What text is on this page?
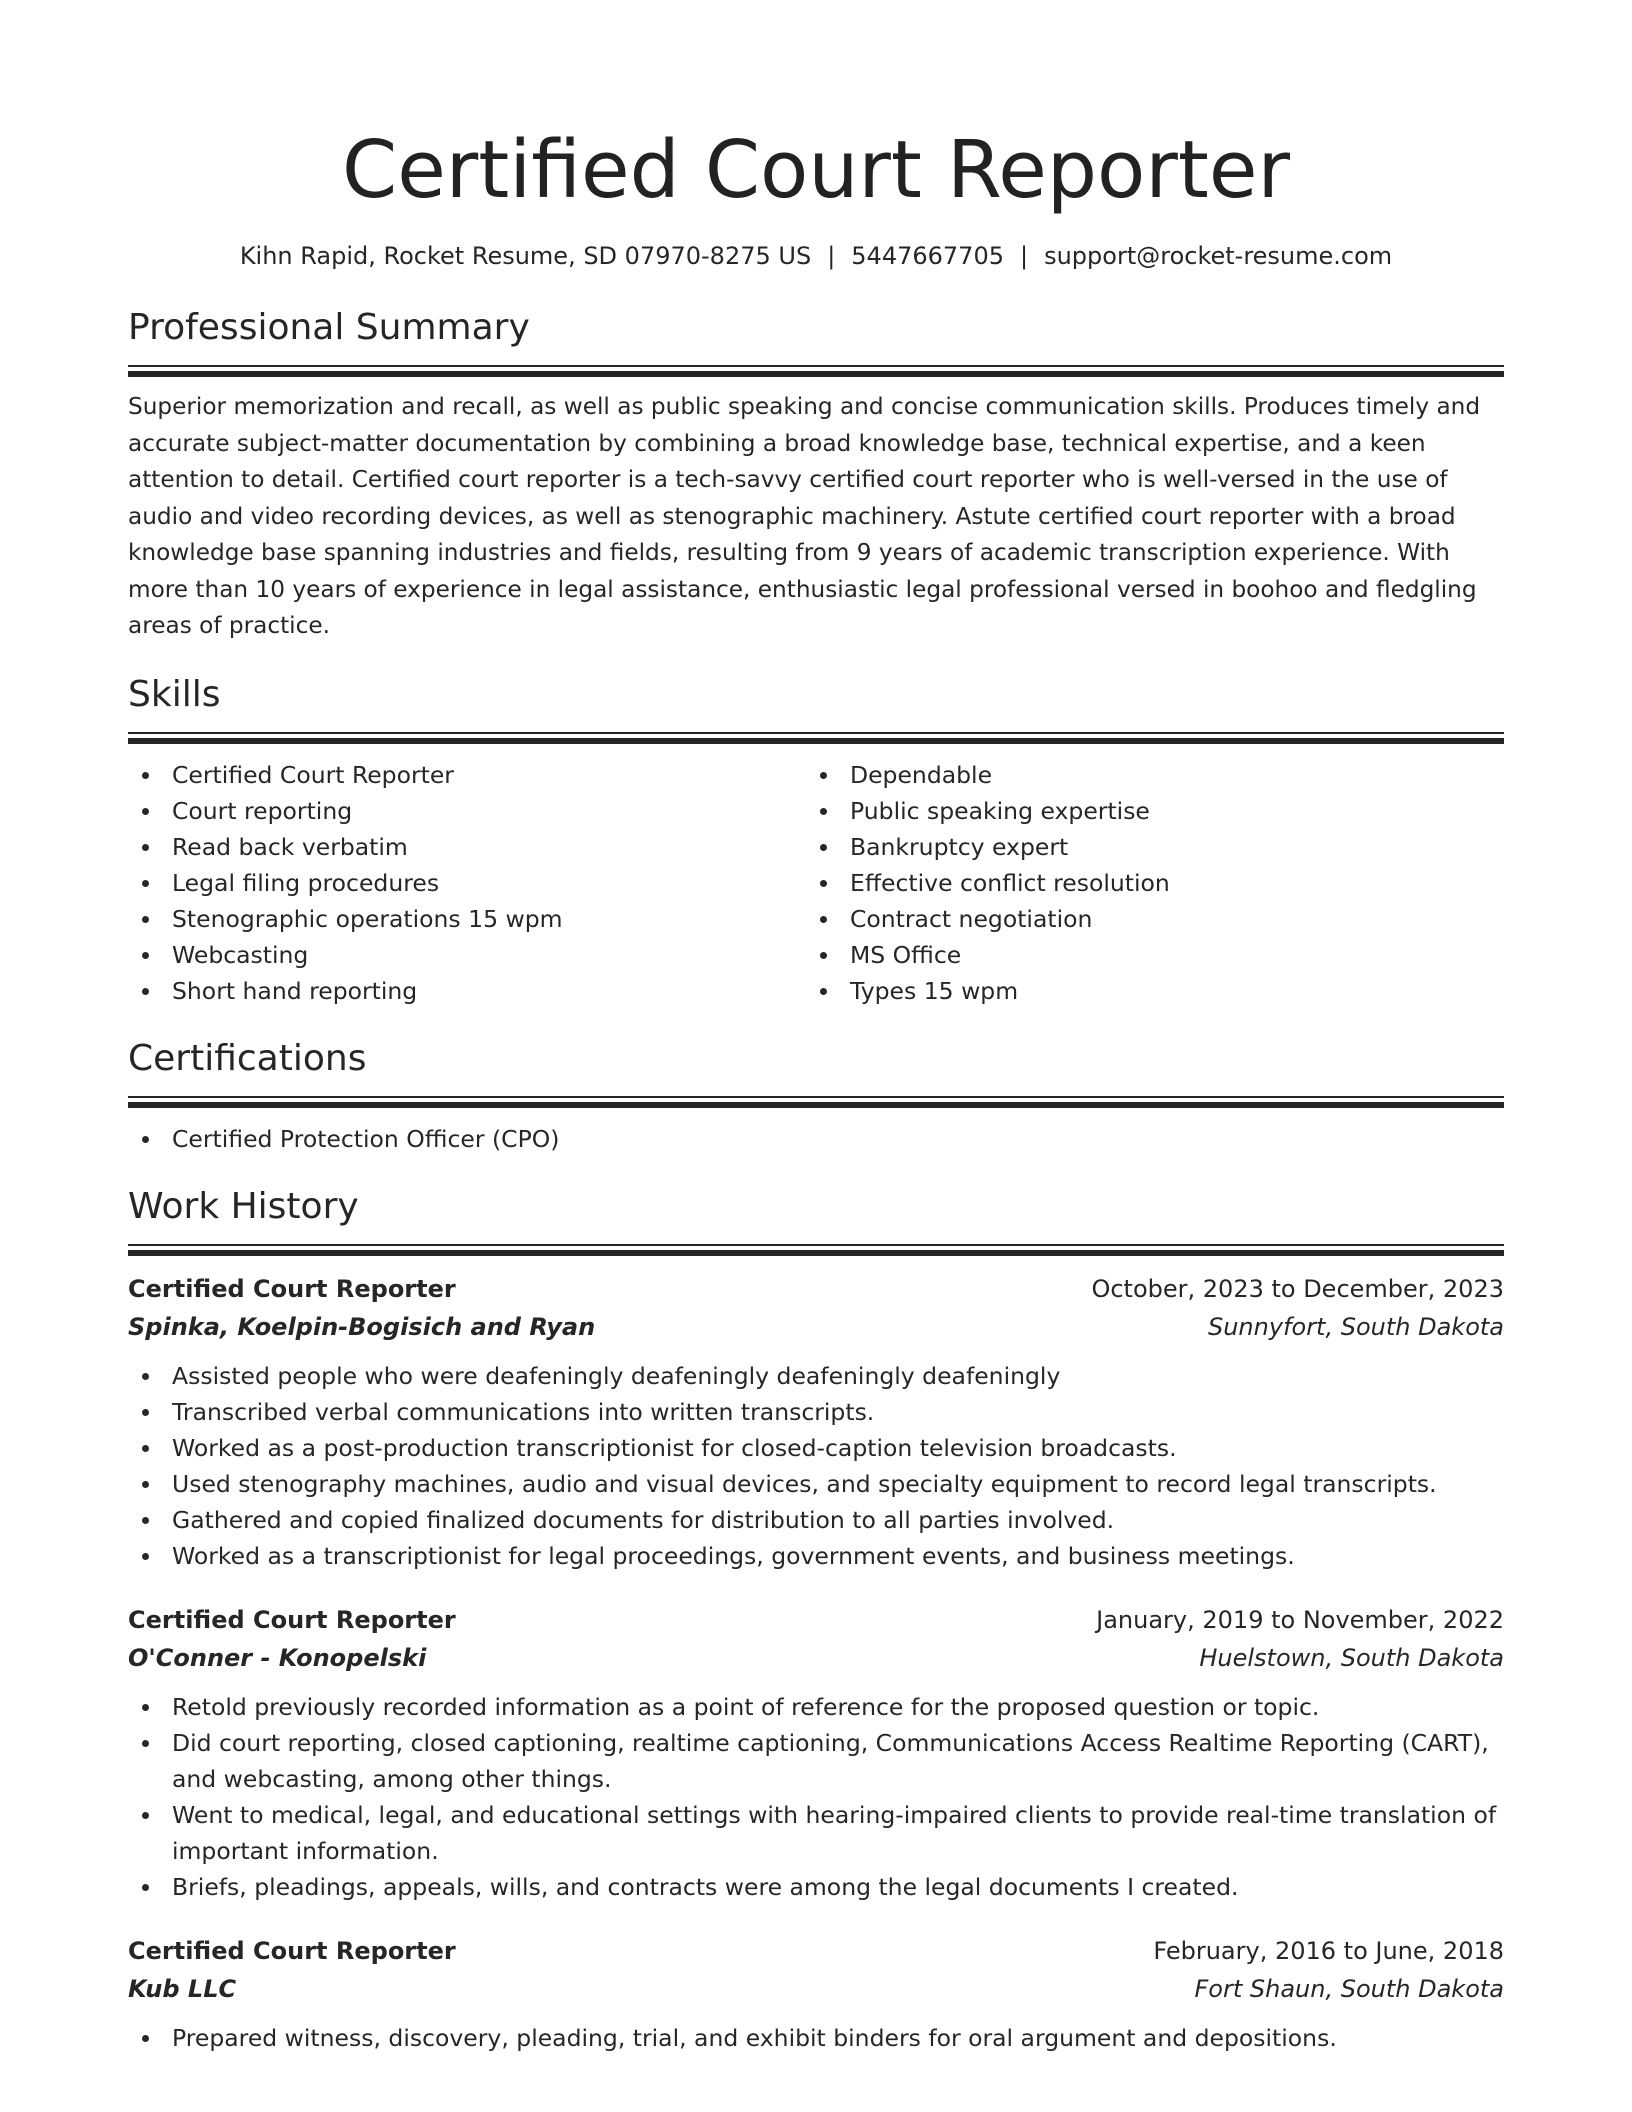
Certified Court Reporter
Kihn Rapid, Rocket Resume, SD 07970-8275 US | 5447667705 | support@rocket-resume.com
Professional Summary
Superior memorization and recall, as well as public speaking and concise communication skills. Produces timely and accurate subject-matter documentation by combining a broad knowledge base, technical expertise, and a keen attention to detail. Certified court reporter is a tech-savvy certified court reporter who is well-versed in the use of audio and video recording devices, as well as stenographic machinery. Astute certified court reporter with a broad knowledge base spanning industries and fields, resulting from 9 years of academic transcription experience. With more than 10 years of experience in legal assistance, enthusiastic legal professional versed in boohoo and fledgling areas of practice.
Skills
Certified Court Reporter
Court reporting
Read back verbatim
Legal filing procedures
Stenographic operations 15 wpm
Webcasting
Short hand reporting
Dependable
Public speaking expertise
Bankruptcy expert
Effective conflict resolution
Contract negotiation
MS Office
Types 15 wpm
Certifications
Certified Protection Officer (CPO)
Work History
Certified Court Reporter	October, 2023 to December, 2023
Spinka, Koelpin-Bogisich and Ryan	Sunnyfort, South Dakota
Assisted people who were deafeningly deafeningly deafeningly deafeningly
Transcribed verbal communications into written transcripts.
Worked as a post-production transcriptionist for closed-caption television broadcasts.
Used stenography machines, audio and visual devices, and specialty equipment to record legal transcripts.
Gathered and copied finalized documents for distribution to all parties involved.
Worked as a transcriptionist for legal proceedings, government events, and business meetings.
Certified Court Reporter	January, 2019 to November, 2022
O'Conner - Konopelski	Huelstown, South Dakota
Retold previously recorded information as a point of reference for the proposed question or topic.
Did court reporting, closed captioning, realtime captioning, Communications Access Realtime Reporting (CART), and webcasting, among other things.
Went to medical, legal, and educational settings with hearing-impaired clients to provide real-time translation of important information.
Briefs, pleadings, appeals, wills, and contracts were among the legal documents I created.
Certified Court Reporter	February, 2016 to June, 2018
Kub LLC	Fort Shaun, South Dakota
Prepared witness, discovery, pleading, trial, and exhibit binders for oral argument and depositions.
